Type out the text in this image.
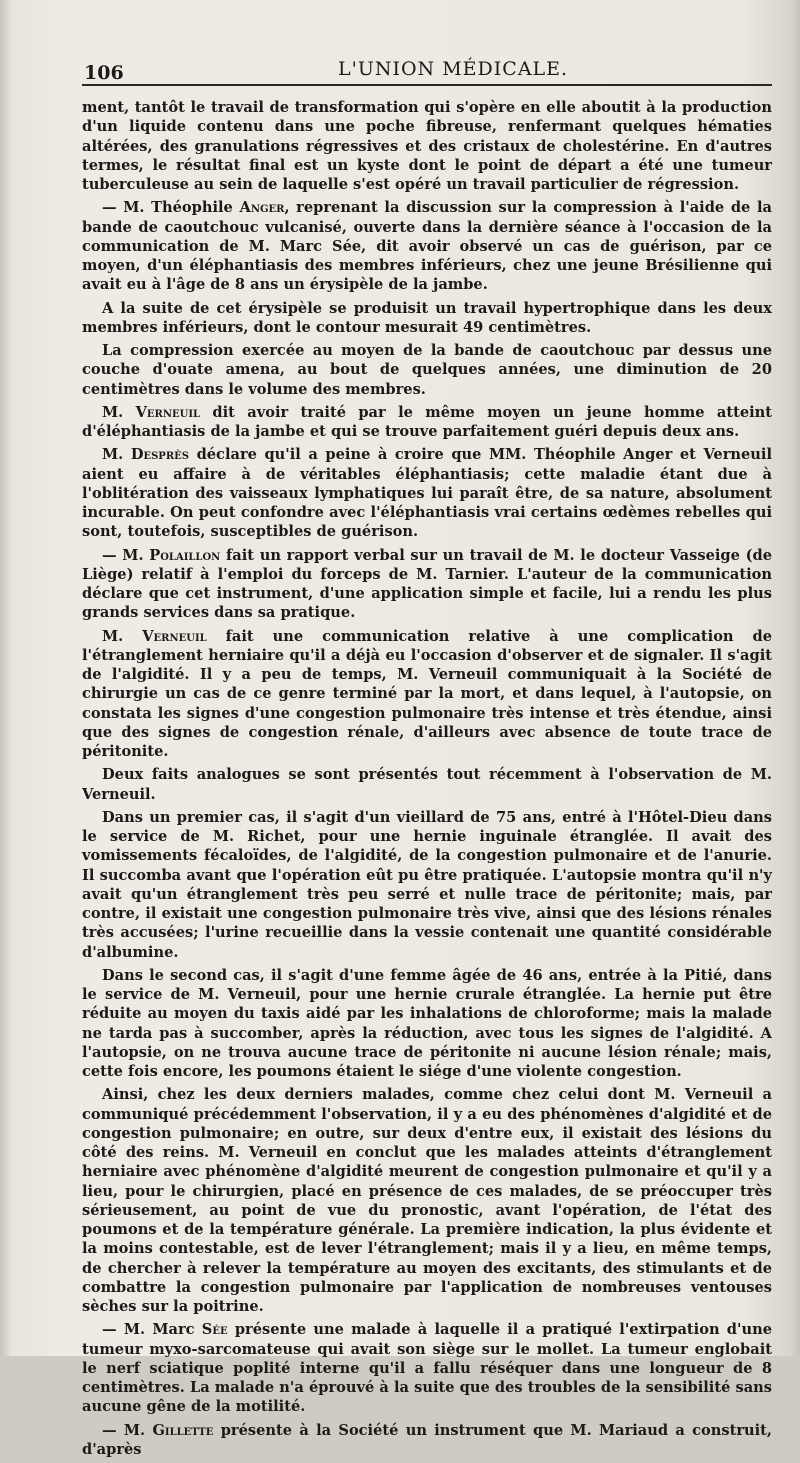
106	L'UNION MÉDICALE.

ment, tantôt le travail de transformation qui s'opère en elle aboutit à la production d'un liquide contenu dans une poche fibreuse, renfermant quelques hématies altérées, des granulations régressives et des cristaux de cholestérine. En d'autres termes, le résultat final est un kyste dont le point de départ a été une tumeur tuberculeuse au sein de laquelle s'est opéré un travail particulier de régression.

— M. Théophile Anger, reprenant la discussion sur la compression à l'aide de la bande de caoutchouc vulcanisé, ouverte dans la dernière séance à l'occasion de la communication de M. Marc Sée, dit avoir observé un cas de guérison, par ce moyen, d'un éléphantiasis des membres inférieurs, chez une jeune Brésilienne qui avait eu à l'âge de 8 ans un érysipèle de la jambe.

A la suite de cet érysipèle se produisit un travail hypertrophique dans les deux membres inférieurs, dont le contour mesurait 49 centimètres.

La compression exercée au moyen de la bande de caoutchouc par dessus une couche d'ouate amena, au bout de quelques années, une diminution de 20 centimètres dans le volume des membres.

M. Verneuil dit avoir traité par le même moyen un jeune homme atteint d'éléphantiasis de la jambe et qui se trouve parfaitement guéri depuis deux ans.

M. Desprès déclare qu'il a peine à croire que MM. Théophile Anger et Verneuil aient eu affaire à de véritables éléphantiasis; cette maladie étant due à l'oblitération des vaisseaux lymphatiques lui paraît être, de sa nature, absolument incurable. On peut confondre avec l'éléphantiasis vrai certains œdèmes rebelles qui sont, toutefois, susceptibles de guérison.

— M. Polaillon fait un rapport verbal sur un travail de M. le docteur Vasseige (de Liège) relatif à l'emploi du forceps de M. Tarnier. L'auteur de la communication déclare que cet instrument, d'une application simple et facile, lui a rendu les plus grands services dans sa pratique.

M. Verneuil fait une communication relative à une complication de l'étranglement herniaire qu'il a déjà eu l'occasion d'observer et de signaler. Il s'agit de l'algidité. Il y a peu de temps, M. Verneuil communiquait à la Société de chirurgie un cas de ce genre terminé par la mort, et dans lequel, à l'autopsie, on constata les signes d'une congestion pulmonaire très intense et très étendue, ainsi que des signes de congestion rénale, d'ailleurs avec absence de toute trace de péritonite.

Deux faits analogues se sont présentés tout récemment à l'observation de M. Verneuil.

Dans un premier cas, il s'agit d'un vieillard de 75 ans, entré à l'Hôtel-Dieu dans le service de M. Richet, pour une hernie inguinale étranglée. Il avait des vomissements fécaloïdes, de l'algidité, de la congestion pulmonaire et de l'anurie. Il succomba avant que l'opération eût pu être pratiquée. L'autopsie montra qu'il n'y avait qu'un étranglement très peu serré et nulle trace de péritonite; mais, par contre, il existait une congestion pulmonaire très vive, ainsi que des lésions rénales très accusées; l'urine recueillie dans la vessie contenait une quantité considérable d'albumine.

Dans le second cas, il s'agit d'une femme âgée de 46 ans, entrée à la Pitié, dans le service de M. Verneuil, pour une hernie crurale étranglée. La hernie put être réduite au moyen du taxis aidé par les inhalations de chloroforme; mais la malade ne tarda pas à succomber, après la réduction, avec tous les signes de l'algidité. A l'autopsie, on ne trouva aucune trace de péritonite ni aucune lésion rénale; mais, cette fois encore, les poumons étaient le siége d'une violente congestion.

Ainsi, chez les deux derniers malades, comme chez celui dont M. Verneuil a communiqué précédemment l'observation, il y a eu des phénomènes d'algidité et de congestion pulmonaire; en outre, sur deux d'entre eux, il existait des lésions du côté des reins. M. Verneuil en conclut que les malades atteints d'étranglement herniaire avec phénomène d'algidité meurent de congestion pulmonaire et qu'il y a lieu, pour le chirurgien, placé en présence de ces malades, de se préoccuper très sérieusement, au point de vue du pronostic, avant l'opération, de l'état des poumons et de la température générale. La première indication, la plus évidente et la moins contestable, est de lever l'étranglement; mais il y a lieu, en même temps, de chercher à relever la température au moyen des excitants, des stimulants et de combattre la congestion pulmonaire par l'application de nombreuses ventouses sèches sur la poitrine.

— M. Marc Sée présente une malade à laquelle il a pratiqué l'extirpation d'une tumeur myxo-sarcomateuse qui avait son siège sur le mollet. La tumeur englobait le nerf sciatique poplité interne qu'il a fallu réséquer dans une longueur de 8 centimètres. La malade n'a éprouvé à la suite que des troubles de la sensibilité sans aucune gêne de la motilité.

— M. Gillette présente à la Société un instrument que M. Mariaud a construit, d'après
